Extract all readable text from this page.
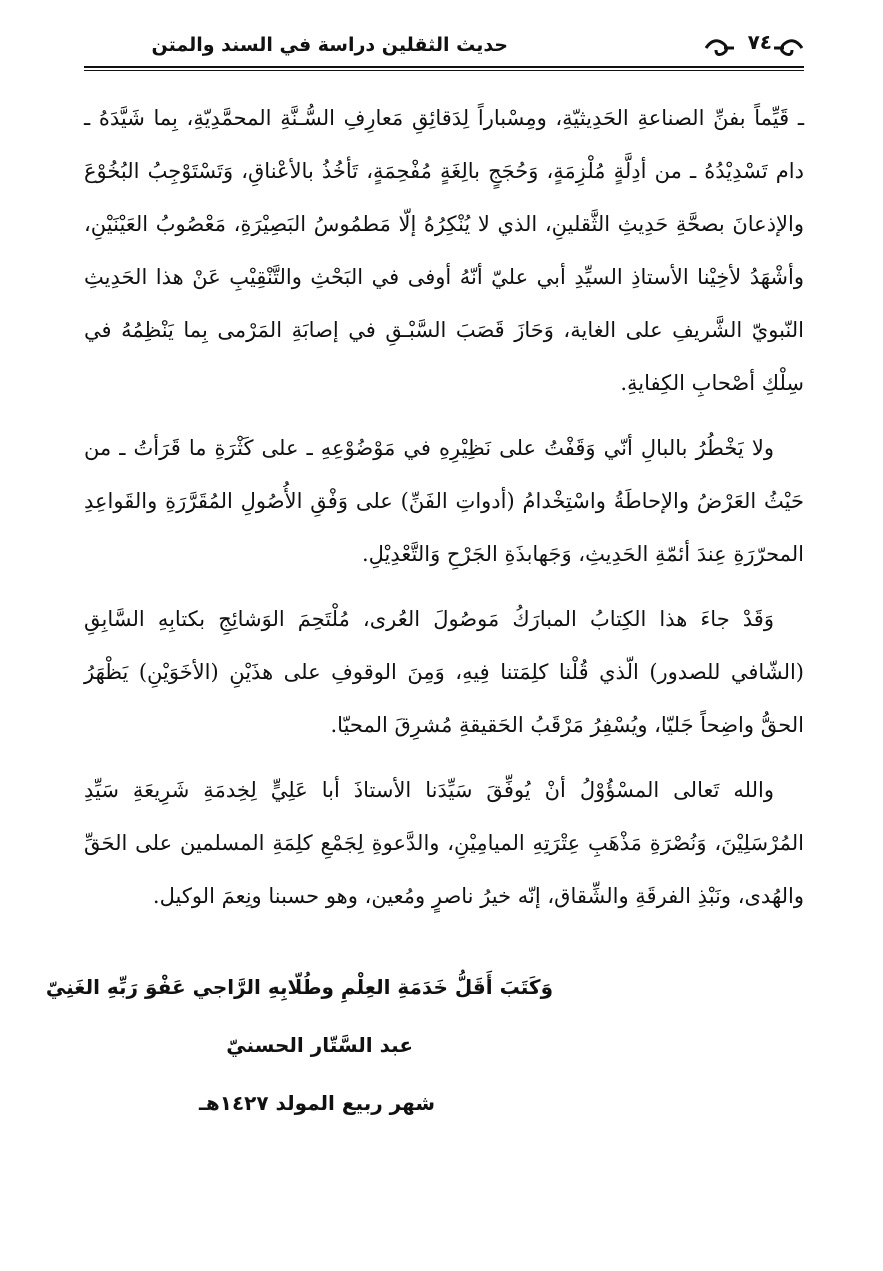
حديث الثقلين دراسة في السند والمتن	٧٤

ـ قَيِّماً بفنِّ الصناعةِ الحَدِيثيّةِ، ومِسْباراً لِدَقائِقِ مَعارِفِ السُّـنَّةِ المحمَّدِيّةِ، بِما شَيَّدَهُ ـ دام تَسْدِيْدُهُ ـ من أدِلَّةٍ مُلْزِمَةٍ، وَحُجَجٍ بالِغَةٍ مُفْحِمَةٍ، تَأخُذُ بالأعْناقِ، وَتَسْتَوْجِبُ البُخُوْعَ والإذعانَ بصحَّةِ حَدِيثِ الثَّقلينِ، الذي لا يُنْكِرُهُ إلّا مَطمُوسُ البَصِيْرَةِ، مَعْصُوبُ العَيْنَيْنِ، وأشْهَدُ لأخِيْنا الأستاذِ السيِّدِ أبي عليّ أنّهُ أوفى في البَحْثِ والتَّنْقِيْبِ عَنْ هذا الحَدِيثِ النّبويّ الشَّريفِ على الغاية، وَحَازَ قَصَبَ السَّبْـقِ في إصابَةِ المَرْمى بِما يَنْظِمُهُ في سِلْكِ أصْحابِ الكِفايةِ.

ولا يَخْطُرُ بالبالِ أنّي وَقَفْتُ على نَظِيْرِهِ في مَوْضُوْعِهِ ـ على كَثْرَةِ ما قَرَأتُ ـ من حَيْثُ العَرْضُ والإحاطَةُ واسْتِخْدامُ (أدواتِ الفَنِّ) على وَفْقِ الأُصُولِ المُقَرَّرَةِ والقَواعِدِ المحرّرَةِ عِندَ أئمّةِ الحَدِيثِ، وَجَهابذَةِ الجَرْحِ وَالتَّعْدِيْلِ.

وَقَدْ جاءَ هذا الكِتابُ المبارَكُ مَوصُولَ العُرى، مُلْتَحِمَ الوَشائِجِ بكتابِهِ السَّابِقِ (الشّافي للصدور) الّذي قُلْنا كلِمَتنا فِيهِ، وَمِنَ الوقوفِ على هذَيْنِ (الأخَوَيْنِ) يَظْهَرُ الحقُّ واضِحاً جَليّا، ويُسْفِرُ مَرْقَبُ الحَقيقةِ مُشرِقَ المحيّا.

والله تَعالى المسْؤُوْلُ أنْ يُوفِّقَ سَيِّدَنا الأستاذَ أبا عَلِيٍّ لِخِدمَةِ شَرِيعَةِ سَيِّدِ المُرْسَلِيْنَ، وَنُصْرَةِ مَذْهَبِ عِتْرَتِهِ الميامِيْنِ، والدَّعوةِ لِجَمْعِ كلِمَةِ المسلمين على الحَقِّ والهُدى، ونَبْذِ الفرقَةِ والشِّقاق، إنّه خيرُ ناصرٍ ومُعين، وهو حسبنا ونِعمَ الوكيل.

وَكَتَبَ أَقَلُّ خَدَمَةِ العِلْمِ وطُلّابِهِ الرَّاجي عَفْوَ رَبِّهِ الغَنِيّ
عبد السَّتّار الحسنيّ
شهر ربيع المولد ١٤٢٧هـ
